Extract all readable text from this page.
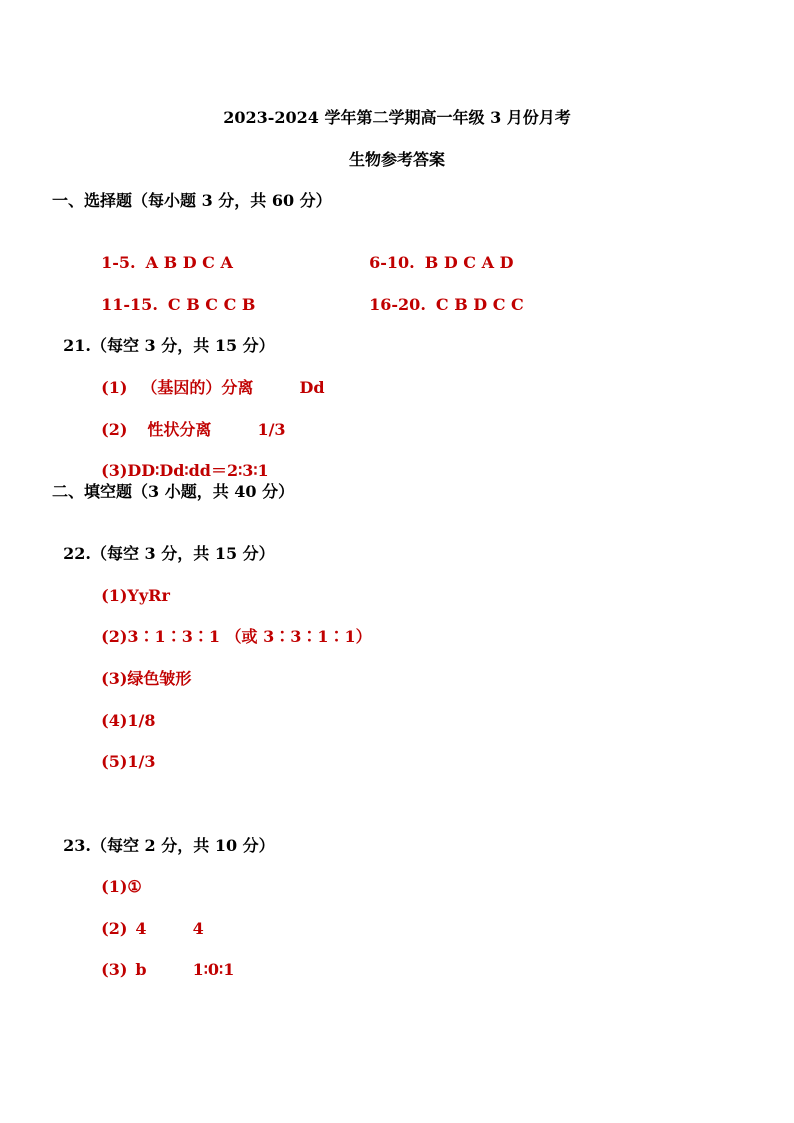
2023-2024 学年第二学期高一年级 3 月份月考
生物参考答案
一、选择题（每小题 3 分，共 60 分）

1-5. A B D C A	6-10. B D C A D

11-15. C B C C B	16-20. C B D C C

21.（每空 3 分，共 15 分）

(1) （基因的）分离	Dd

(2) 性状分离	1/3

(3)DD∶Dd∶dd＝2∶3∶1

二、填空题（3 小题，共 40 分）

22.（每空 3 分，共 15 分）

(1)YyRr

(2)3∶1∶3∶1 （或 3∶3∶1∶1）

(3)绿色皱形

(4)1/8

(5)1/3

23.（每空 2 分，共 10 分）

(1)①

(2) 4	4

(3) b	1∶0∶1
